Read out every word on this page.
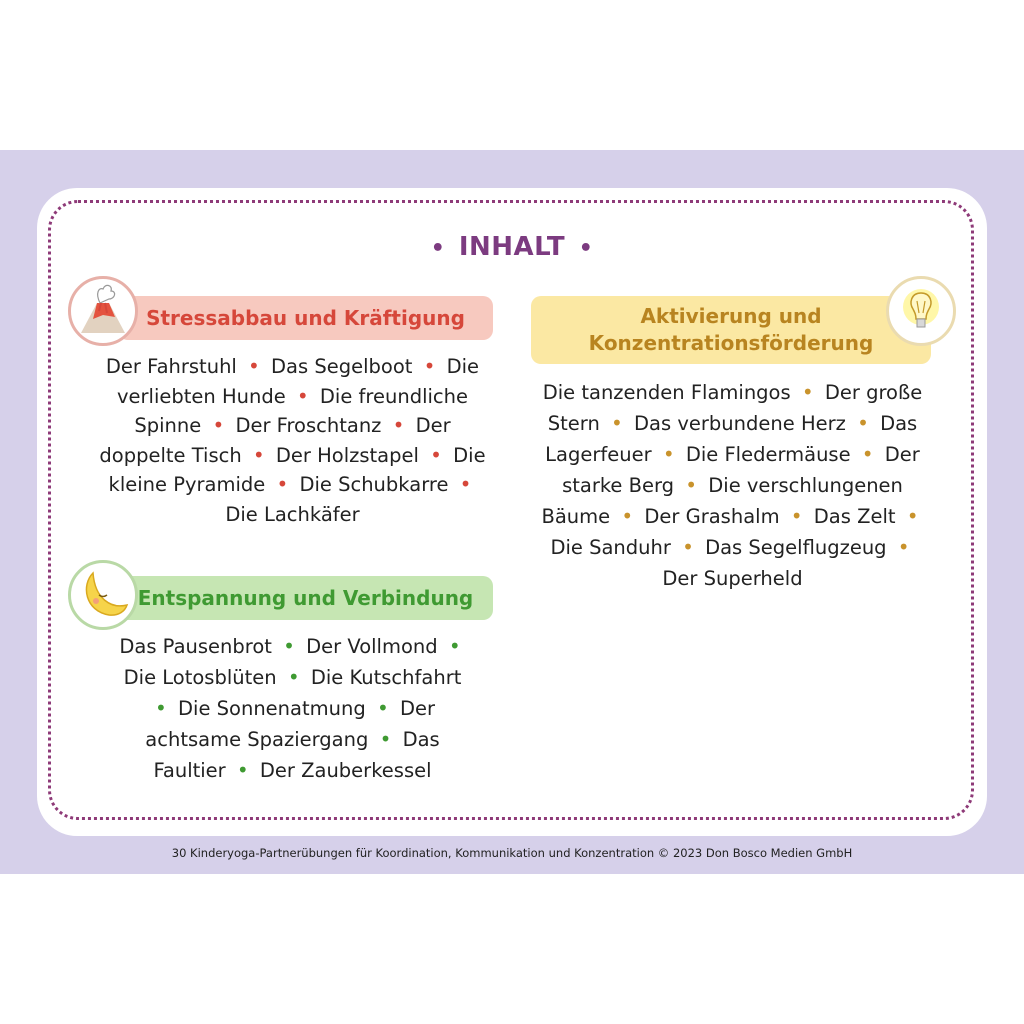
• INHALT •
Stressabbau und Kräftigung
Der Fahrstuhl • Das Segelboot • Die verliebten Hunde • Die freundliche Spinne • Der Froschtanz • Der doppelte Tisch • Der Holzstapel • Die kleine Pyramide • Die Schubkarre • Die Lachkäfer
Entspannung und Verbindung
Das Pausenbrot • Der Vollmond • Die Lotosblüten • Die Kutschfahrt • Die Sonnenatmung • Der achtsame Spaziergang • Das Faultier • Der Zauberkessel
Aktivierung und
Konzentrationsförderung
Die tanzenden Flamingos • Der große Stern • Das verbundene Herz • Das Lagerfeuer • Die Fledermäuse • Der starke Berg • Die verschlungenen Bäume • Der Grashalm • Das Zelt • Die Sanduhr • Das Segelflugzeug • Der Superheld
30 Kinderyoga-Partnerübungen für Koordination, Kommunikation und Konzentration © 2023 Don Bosco Medien GmbH
